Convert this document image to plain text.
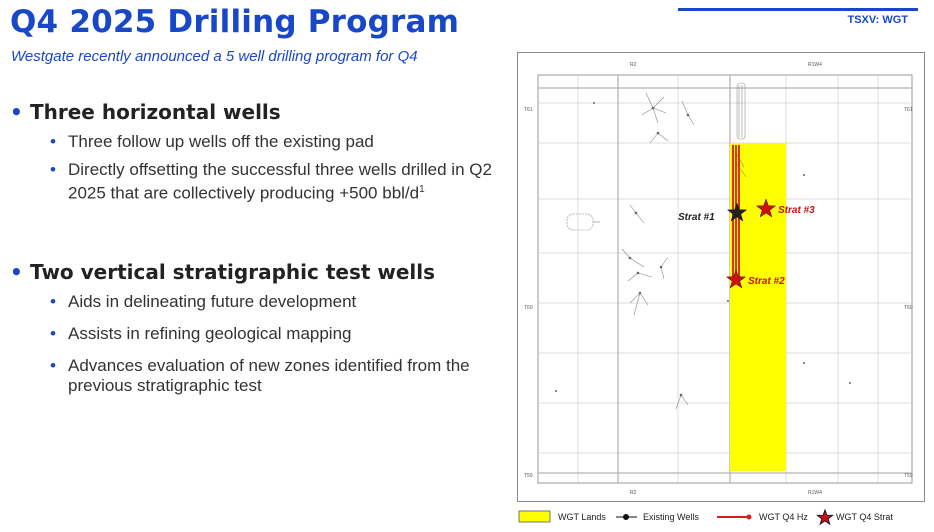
Q4 2025 Drilling Program
Westgate recently announced a 5 well drilling program for Q4
TSXV: WGT
• Three horizontal wells
• Three follow up wells off the existing pad
• Directly offsetting the successful three wells drilled in Q2 2025 that are collectively producing +500 bbl/$d^1$
• Two vertical stratigraphic test wells
• Aids in delineating future development
• Assists in refining geological mapping
• Advances evaluation of new zones identified from the previous stratigraphic test
Strat #1
Strat #3
Strat #2
R2	R1W4
R2	R1W4
T61
T60
T59
T61
T60
T59
WGT Lands	Existing Wells	WGT Q4 Hz	WGT Q4 Strat
